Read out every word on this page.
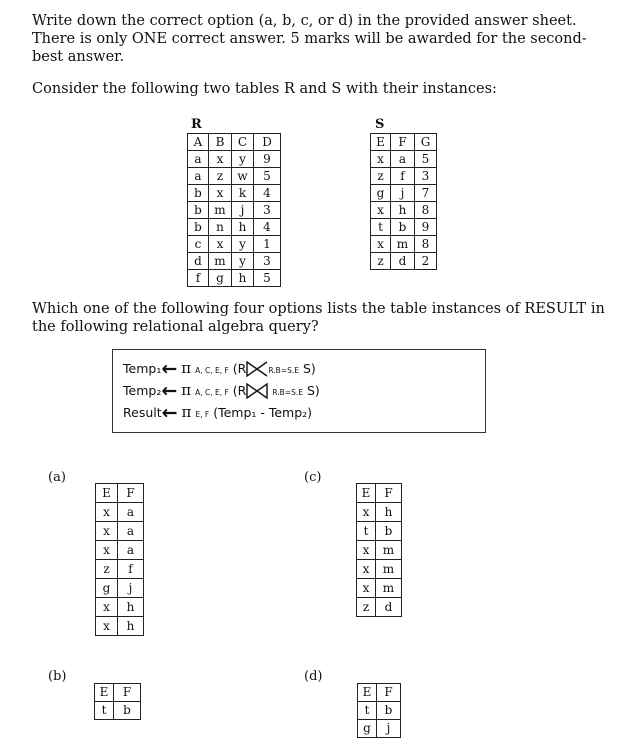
Write down the correct option (a, b, c, or d) in the provided answer sheet. There is only ONE correct answer. 5 marks will be awarded for the second-best answer.
Consider the following two tables R and S with their instances:
R
A	B	C	D
a	x	y	9
a	z	w	5
b	x	k	4
b	m	j	3
b	n	h	4
c	x	y	1
d	m	y	3
f	g	h	5
S
E	F	G
x	a	5
z	f	3
g	j	7
x	h	8
t	b	9
x	m	8
z	d	2
Which one of the following four options lists the table instances of RESULT in the following relational algebra query?
Temp₁← π A, C, E, F (R	R.B=S.E S)
Temp₂← π A, C, E, F (R	R.B=S.E S)
Result← π E, F (Temp₁ - Temp₂)
(a)	(c)
(b)	(d)
E	F
x	a
x	a
x	a
z	f
g	j
x	h
x	h
E	F
x	h
t	b
x	m
x	m
x	m
z	d
E	F
t	b
E	F
t	b
g	j
